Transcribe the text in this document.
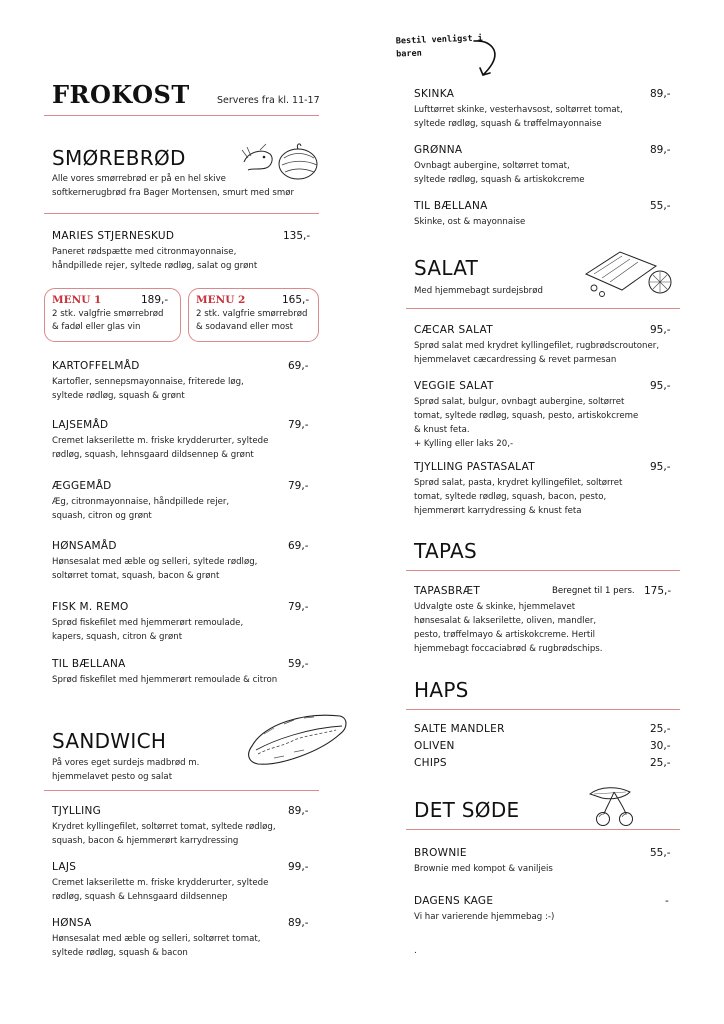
Bestil venligst i
baren
FROKOST	Serveres fra kl. 11-17
SMØREBRØD
Alle vores smørrebrød er på en hel skive
softkernerugbrød fra Bager Mortensen, smurt med smør
MARIES STJERNESKUD	135,-
Paneret rødspætte med citronmayonnaise,
håndpillede rejer, syltede rødløg, salat og grønt
MENU 1	189,-
2 stk. valgfrie smørrebrød
& fadøl eller glas vin
MENU 2	165,-
2 stk. valgfrie smørrebrød
& sodavand eller most
KARTOFFELMÅD	69,-
Kartofler, sennepsmayonnaise, friterede løg,
syltede rødløg, squash & grønt
LAJSEMÅD	79,-
Cremet lakserilette m. friske krydderurter, syltede
rødløg, squash, lehnsgaard dildsennep & grønt
ÆGGEMÅD	79,-
Æg, citronmayonnaise, håndpillede rejer,
squash, citron og grønt
HØNSAMÅD	69,-
Hønsesalat med æble og selleri, syltede rødløg,
soltørret tomat, squash, bacon & grønt
FISK M. REMO	79,-
Sprød fiskefilet med hjemmerørt remoulade,
kapers, squash, citron & grønt
TIL BÆLLANA	59,-
Sprød fiskefilet med hjemmerørt remoulade & citron
SANDWICH
På vores eget surdejs madbrød m.
hjemmelavet pesto og salat
TJYLLING	89,-
Krydret kyllingefilet, soltørret tomat, syltede rødløg,
squash, bacon & hjemmerørt karrydressing
LAJS	99,-
Cremet lakserilette m. friske krydderurter, syltede
rødløg, squash & Lehnsgaard dildsennep
HØNSA	89,-
Hønsesalat med æble og selleri, soltørret tomat,
syltede rødløg, squash & bacon
SKINKA	89,-
Lufttørret skinke, vesterhavsost, soltørret tomat,
syltede rødløg, squash & trøffelmayonnaise
GRØNNA	89,-
Ovnbagt aubergine, soltørret tomat,
syltede rødløg, squash & artiskokcreme
TIL BÆLLANA	55,-
Skinke, ost & mayonnaise
SALAT
Med hjemmebagt surdejsbrød
CÆCAR SALAT	95,-
Sprød salat med krydret kyllingefilet, rugbrødscroutoner,
hjemmelavet cæcardressing & revet parmesan
VEGGIE SALAT	95,-
Sprød salat, bulgur, ovnbagt aubergine, soltørret
tomat, syltede rødløg, squash, pesto, artiskokcreme
& knust feta.
+ Kylling eller laks 20,-
TJYLLING PASTASALAT	95,-
Sprød salat, pasta, krydret kyllingefilet, soltørret
tomat, syltede rødløg, squash, bacon, pesto,
hjemmerørt karrydressing & knust feta
TAPAS
TAPASBRÆT	Beregnet til 1 pers. 175,-
Udvalgte oste & skinke, hjemmelavet
hønsesalat & lakserilette, oliven, mandler,
pesto, trøffelmayo & artiskokcreme. Hertil
hjemmebagt foccaciabrød & rugbrødschips.
HAPS
SALTE MANDLER	25,-
OLIVEN	30,-
CHIPS	25,-
DET SØDE
BROWNIE	55,-
Brownie med kompot & vaniljeis
DAGENS KAGE	-
Vi har varierende hjemmebag :-)
.
